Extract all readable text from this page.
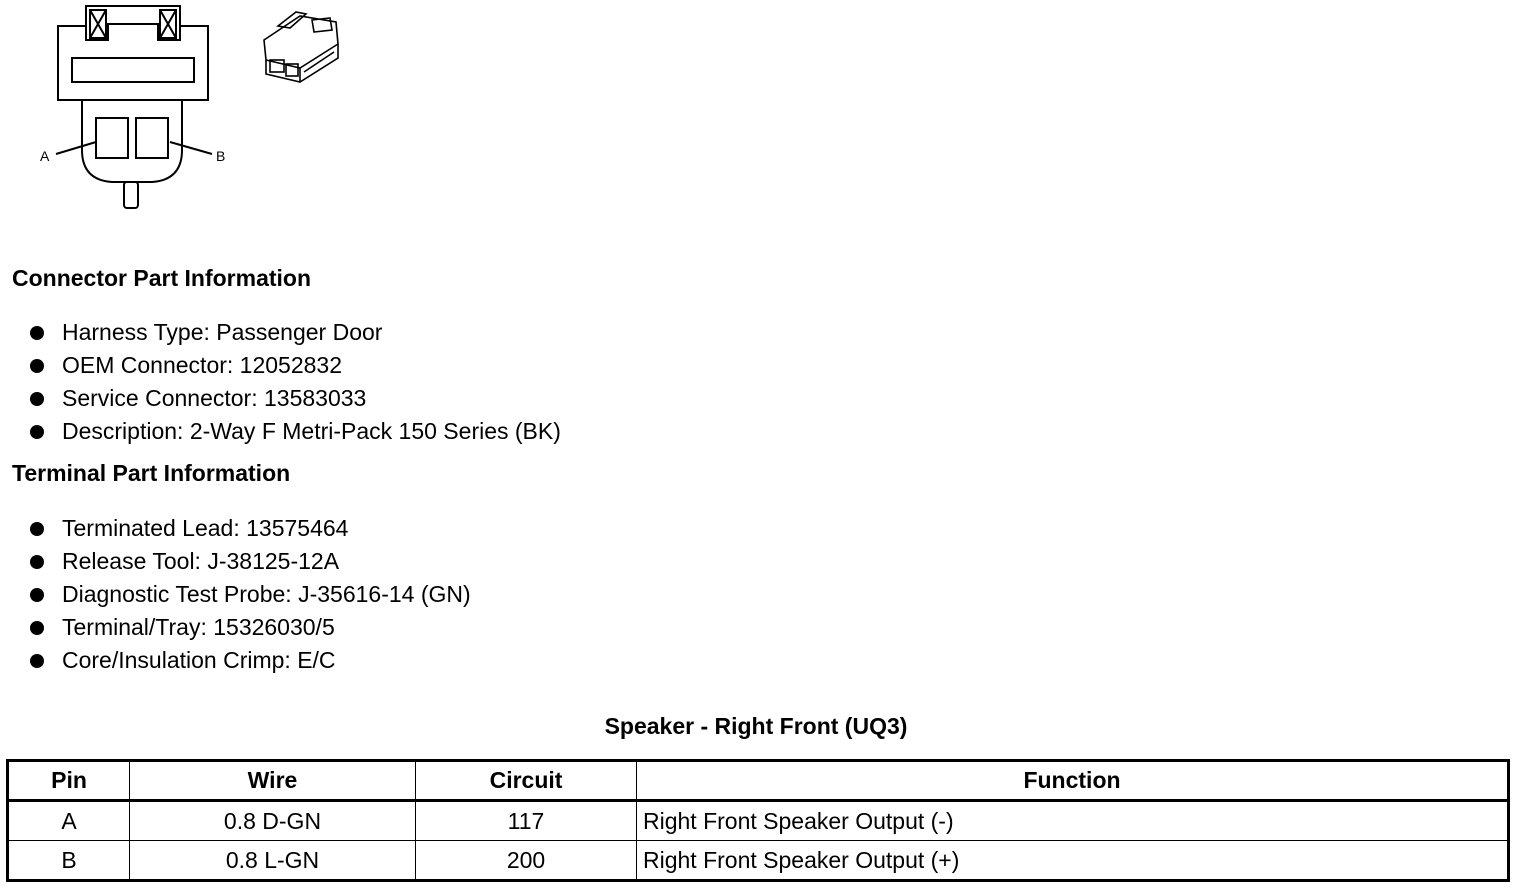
A	B
Connector Part Information
Harness Type: Passenger Door
OEM Connector: 12052832
Service Connector: 13583033
Description: 2-Way F Metri-Pack 150 Series (BK)
Terminal Part Information
Terminated Lead: 13575464
Release Tool: J-38125-12A
Diagnostic Test Probe: J-35616-14 (GN)
Terminal/Tray: 15326030/5
Core/Insulation Crimp: E/C
Speaker - Right Front (UQ3)
Pin	Wire	Circuit	Function
A	0.8 D-GN	117	Right Front Speaker Output (-)
B	0.8 L-GN	200	Right Front Speaker Output (+)
